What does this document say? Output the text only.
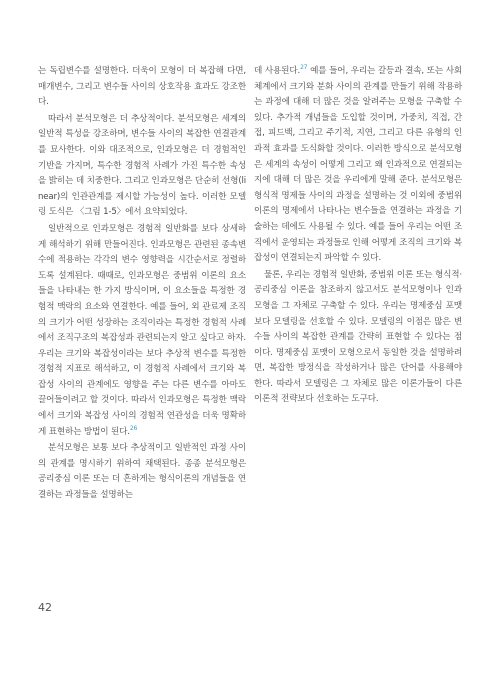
는 독립변수를 설명한다. 더욱이 모형이 더 복잡해 다면, 매개변수, 그리고 변수들 사이의 상호작용 효과도 강조한다.

따라서 분석모형은 더 추상적이다. 분석모형은 세계의 일반적 특성을 강조하며, 변수들 사이의 복잡한 연결관계를 묘사한다. 이와 대조적으로, 인과모형은 더 경험적인 기반을 가지며, 특수한 경험적 사례가 가진 특수한 속성을 밝히는 데 치중한다. 그리고 인과모형은 단순히 선형(linear)의 인관관계를 제시할 가능성이 높다. 이러한 모델링 도식은 〈그림 1-5〉에서 요약되었다.

일반적으로 인과모형은 경험적 일반화를 보다 상세하게 해석하기 위해 만들어진다. 인과모형은 관련된 종속변수에 적용하는 각각의 변수 영향력을 시간순서로 정렬하도록 설계된다. 때때로, 인과모형은 중범위 이론의 요소들을 나타내는 한 가지 방식이며, 이 요소들을 특정한 경험적 맥락의 요소와 연결한다. 예를 들어, 외 관료제 조직의 크기가 어떤 성장하는 조직이라는 특정한 경험적 사례에서 조직구조의 복잡성과 관련되는지 알고 싶다고 하자. 우리는 크기와 복잡성이라는 보다 추상적 변수를 특정한 경험적 지표로 해석하고, 이 경험적 사례에서 크기와 복잡성 사이의 관계에도 영향을 주는 다른 변수를 아마도 끌어들이려고 할 것이다. 따라서 인과모형은 특정한 맥락에서 크기와 복잡성 사이의 경험적 연관성을 더욱 명확하게 표현하는 방법이 된다.$^{26}$

분석모형은 보통 보다 추상적이고 일반적인 과정 사이의 관계를 명시하기 위하여 채택된다. 종종 분석모형은 공리중심 이론 또는 더 흔하게는 형식이론의 개념들을 연결하는 과정들을 설명하는

데 사용된다.$^{27}$ 예를 들어, 우리는 갈등과 결속, 또는 사회체계에서 크기와 분화 사이의 관계를 만들기 위해 작용하는 과정에 대해 더 많은 것을 알려주는 모형을 구축할 수 있다. 추가적 개념들을 도입할 것이며, 가중치, 직접, 간접, 피드백, 그리고 주기적, 지연, 그리고 다른 유형의 인과적 효과를 도식화할 것이다. 이러한 방식으로 분석모형은 세계의 속성이 어떻게 그리고 왜 인과적으로 연결되는지에 대해 더 많은 것을 우리에게 말해 준다. 분석모형은 형식적 명제들 사이의 과정을 설명하는 것 이외에 중범위 이론의 명제에서 나타나는 변수들을 연결하는 과정을 기술하는 데에도 사용될 수 있다. 예를 들어 우리는 어떤 조직에서 운영되는 과정들로 인해 어떻게 조직의 크기와 복잡성이 연결되는지 파악할 수 있다.

물론, 우리는 경험적 일반화, 중범위 이론 또는 형식적·공리중심 이론을 참조하지 않고서도 분석모형이나 인과모형을 그 자체로 구축할 수 있다. 우리는 명제중심 포맷보다 모델링을 선호할 수 있다. 모델링의 이점은 많은 변수들 사이의 복잡한 관계를 간략히 표현할 수 있다는 점이다. 명제중심 포맷이 모형으로서 동일한 것을 설명하려면, 복잡한 방정식을 작성하거나 많은 단어를 사용해야 한다. 따라서 모델링은 그 자체로 많은 이론가들이 다른 이론적 전략보다 선호하는 도구다.

42
